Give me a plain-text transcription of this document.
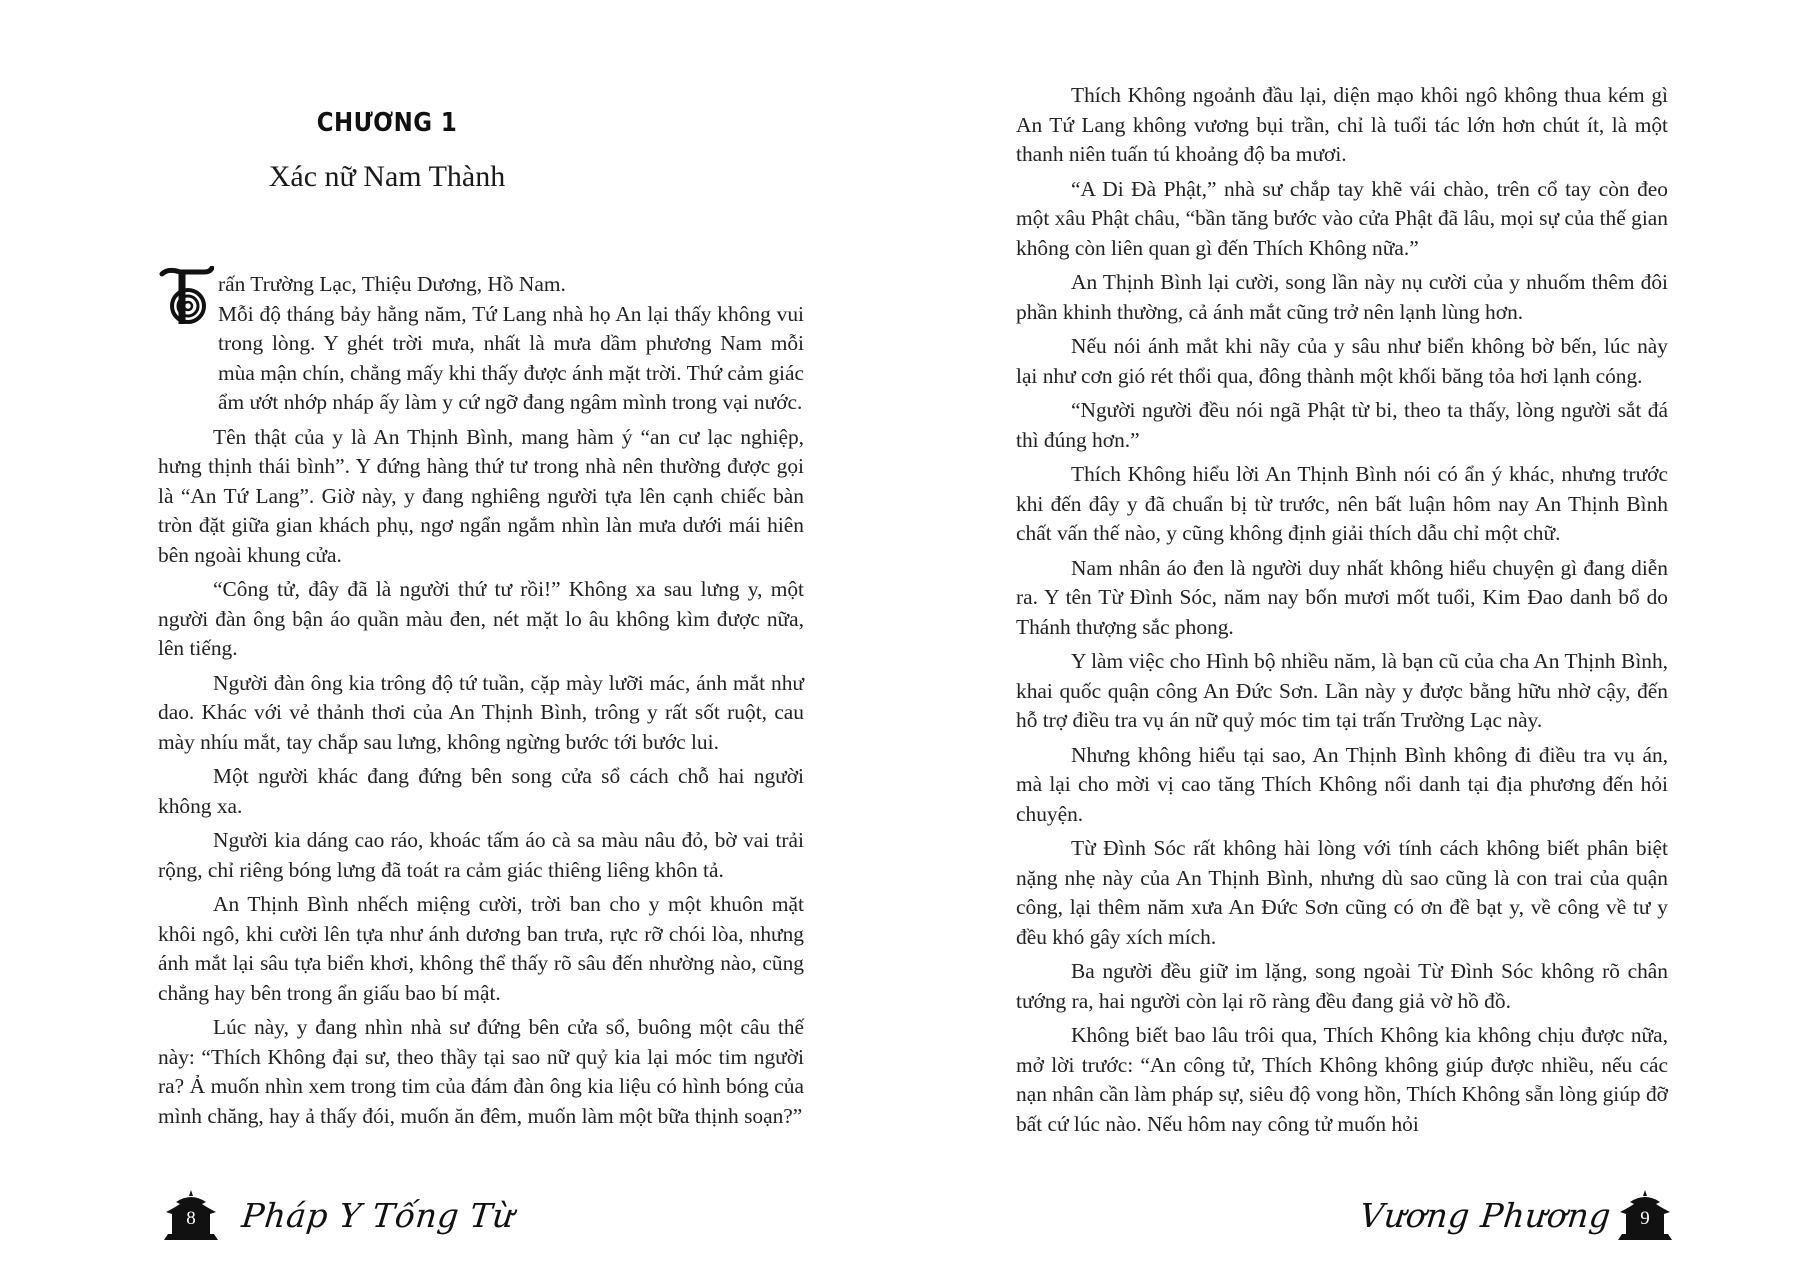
CHƯƠNG 1
Xác nữ Nam Thành
T

rấn Trường Lạc, Thiệu Dương, Hồ Nam.

Mỗi độ tháng bảy hằng năm, Tứ Lang nhà họ An lại thấy không vui trong lòng. Y ghét trời mưa, nhất là mưa dầm phương Nam mỗi mùa mận chín, chẳng mấy khi thấy được ánh mặt trời. Thứ cảm giác ẩm ướt nhớp nháp ấy làm y cứ ngỡ đang ngâm mình trong vại nước.

Tên thật của y là An Thịnh Bình, mang hàm ý “an cư lạc nghiệp, hưng thịnh thái bình”. Y đứng hàng thứ tư trong nhà nên thường được gọi là “An Tứ Lang”. Giờ này, y đang nghiêng người tựa lên cạnh chiếc bàn tròn đặt giữa gian khách phụ, ngơ ngẩn ngắm nhìn làn mưa dưới mái hiên bên ngoài khung cửa.

“Công tử, đây đã là người thứ tư rồi!” Không xa sau lưng y, một người đàn ông bận áo quần màu đen, nét mặt lo âu không kìm được nữa, lên tiếng.

Người đàn ông kia trông độ tứ tuần, cặp mày lưỡi mác, ánh mắt như dao. Khác với vẻ thảnh thơi của An Thịnh Bình, trông y rất sốt ruột, cau mày nhíu mắt, tay chắp sau lưng, không ngừng bước tới bước lui.

Một người khác đang đứng bên song cửa sổ cách chỗ hai người không xa.

Người kia dáng cao ráo, khoác tấm áo cà sa màu nâu đỏ, bờ vai trải rộng, chỉ riêng bóng lưng đã toát ra cảm giác thiêng liêng khôn tả.

An Thịnh Bình nhếch miệng cười, trời ban cho y một khuôn mặt khôi ngô, khi cười lên tựa như ánh dương ban trưa, rực rỡ chói lòa, nhưng ánh mắt lại sâu tựa biển khơi, không thể thấy rõ sâu đến nhường nào, cũng chẳng hay bên trong ẩn giấu bao bí mật.

Lúc này, y đang nhìn nhà sư đứng bên cửa sổ, buông một câu thế này: “Thích Không đại sư, theo thầy tại sao nữ quỷ kia lại móc tim người ra? Ả muốn nhìn xem trong tim của đám đàn ông kia liệu có hình bóng của mình chăng, hay ả thấy đói, muốn ăn đêm, muốn làm một bữa thịnh soạn?”

8	Pháp Y Tống Từ

Thích Không ngoảnh đầu lại, diện mạo khôi ngô không thua kém gì An Tứ Lang không vương bụi trần, chỉ là tuổi tác lớn hơn chút ít, là một thanh niên tuấn tú khoảng độ ba mươi.

“A Di Đà Phật,” nhà sư chắp tay khẽ vái chào, trên cổ tay còn đeo một xâu Phật châu, “bần tăng bước vào cửa Phật đã lâu, mọi sự của thế gian không còn liên quan gì đến Thích Không nữa.”

An Thịnh Bình lại cười, song lần này nụ cười của y nhuốm thêm đôi phần khinh thường, cả ánh mắt cũng trở nên lạnh lùng hơn.

Nếu nói ánh mắt khi nãy của y sâu như biển không bờ bến, lúc này lại như cơn gió rét thổi qua, đông thành một khối băng tỏa hơi lạnh cóng.

“Người người đều nói ngã Phật từ bi, theo ta thấy, lòng người sắt đá thì đúng hơn.”

Thích Không hiểu lời An Thịnh Bình nói có ẩn ý khác, nhưng trước khi đến đây y đã chuẩn bị từ trước, nên bất luận hôm nay An Thịnh Bình chất vấn thế nào, y cũng không định giải thích dẫu chỉ một chữ.

Nam nhân áo đen là người duy nhất không hiểu chuyện gì đang diễn ra. Y tên Từ Đình Sóc, năm nay bốn mươi mốt tuổi, Kim Đao danh bổ do Thánh thượng sắc phong.

Y làm việc cho Hình bộ nhiều năm, là bạn cũ của cha An Thịnh Bình, khai quốc quận công An Đức Sơn. Lần này y được bằng hữu nhờ cậy, đến hỗ trợ điều tra vụ án nữ quỷ móc tim tại trấn Trường Lạc này.

Nhưng không hiểu tại sao, An Thịnh Bình không đi điều tra vụ án, mà lại cho mời vị cao tăng Thích Không nổi danh tại địa phương đến hỏi chuyện.

Từ Đình Sóc rất không hài lòng với tính cách không biết phân biệt nặng nhẹ này của An Thịnh Bình, nhưng dù sao cũng là con trai của quận công, lại thêm năm xưa An Đức Sơn cũng có ơn đề bạt y, về công về tư y đều khó gây xích mích.

Ba người đều giữ im lặng, song ngoài Từ Đình Sóc không rõ chân tướng ra, hai người còn lại rõ ràng đều đang giả vờ hồ đồ.

Không biết bao lâu trôi qua, Thích Không kia không chịu được nữa, mở lời trước: “An công tử, Thích Không không giúp được nhiều, nếu các nạn nhân cần làm pháp sự, siêu độ vong hồn, Thích Không sẵn lòng giúp đỡ bất cứ lúc nào. Nếu hôm nay công tử muốn hỏi

Vương Phương	9
